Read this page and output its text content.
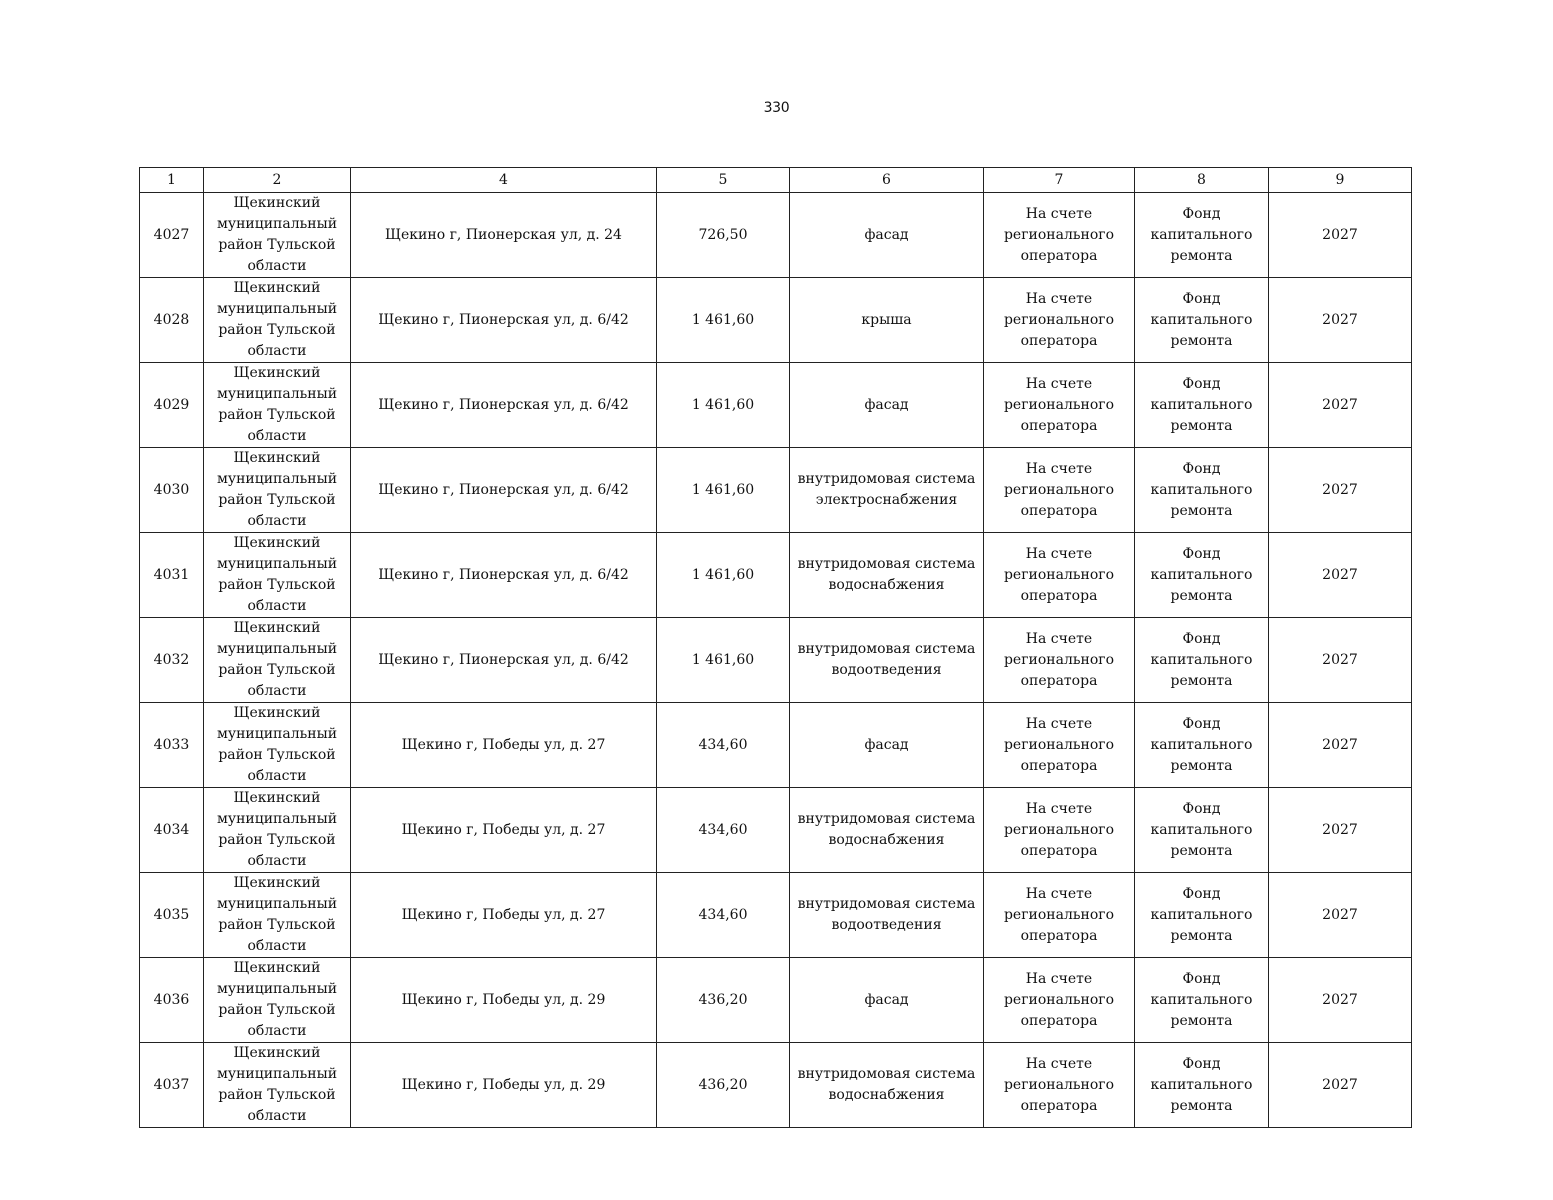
330
1	2	4	5	6	7	8	9
4027	Щекинский муниципальный район Тульской области	Щекино г, Пионерская ул, д. 24	726,50	фасад	На счете регионального оператора	Фонд капитального ремонта	2027
4028	Щекинский муниципальный район Тульской области	Щекино г, Пионерская ул, д. 6/42	1 461,60	крыша	На счете регионального оператора	Фонд капитального ремонта	2027
4029	Щекинский муниципальный район Тульской области	Щекино г, Пионерская ул, д. 6/42	1 461,60	фасад	На счете регионального оператора	Фонд капитального ремонта	2027
4030	Щекинский муниципальный район Тульской области	Щекино г, Пионерская ул, д. 6/42	1 461,60	внутридомовая система электроснабжения	На счете регионального оператора	Фонд капитального ремонта	2027
4031	Щекинский муниципальный район Тульской области	Щекино г, Пионерская ул, д. 6/42	1 461,60	внутридомовая система водоснабжения	На счете регионального оператора	Фонд капитального ремонта	2027
4032	Щекинский муниципальный район Тульской области	Щекино г, Пионерская ул, д. 6/42	1 461,60	внутридомовая система водоотведения	На счете регионального оператора	Фонд капитального ремонта	2027
4033	Щекинский муниципальный район Тульской области	Щекино г, Победы ул, д. 27	434,60	фасад	На счете регионального оператора	Фонд капитального ремонта	2027
4034	Щекинский муниципальный район Тульской области	Щекино г, Победы ул, д. 27	434,60	внутридомовая система водоснабжения	На счете регионального оператора	Фонд капитального ремонта	2027
4035	Щекинский муниципальный район Тульской области	Щекино г, Победы ул, д. 27	434,60	внутридомовая система водоотведения	На счете регионального оператора	Фонд капитального ремонта	2027
4036	Щекинский муниципальный район Тульской области	Щекино г, Победы ул, д. 29	436,20	фасад	На счете регионального оператора	Фонд капитального ремонта	2027
4037	Щекинский муниципальный район Тульской области	Щекино г, Победы ул, д. 29	436,20	внутридомовая система водоснабжения	На счете регионального оператора	Фонд капитального ремонта	2027
